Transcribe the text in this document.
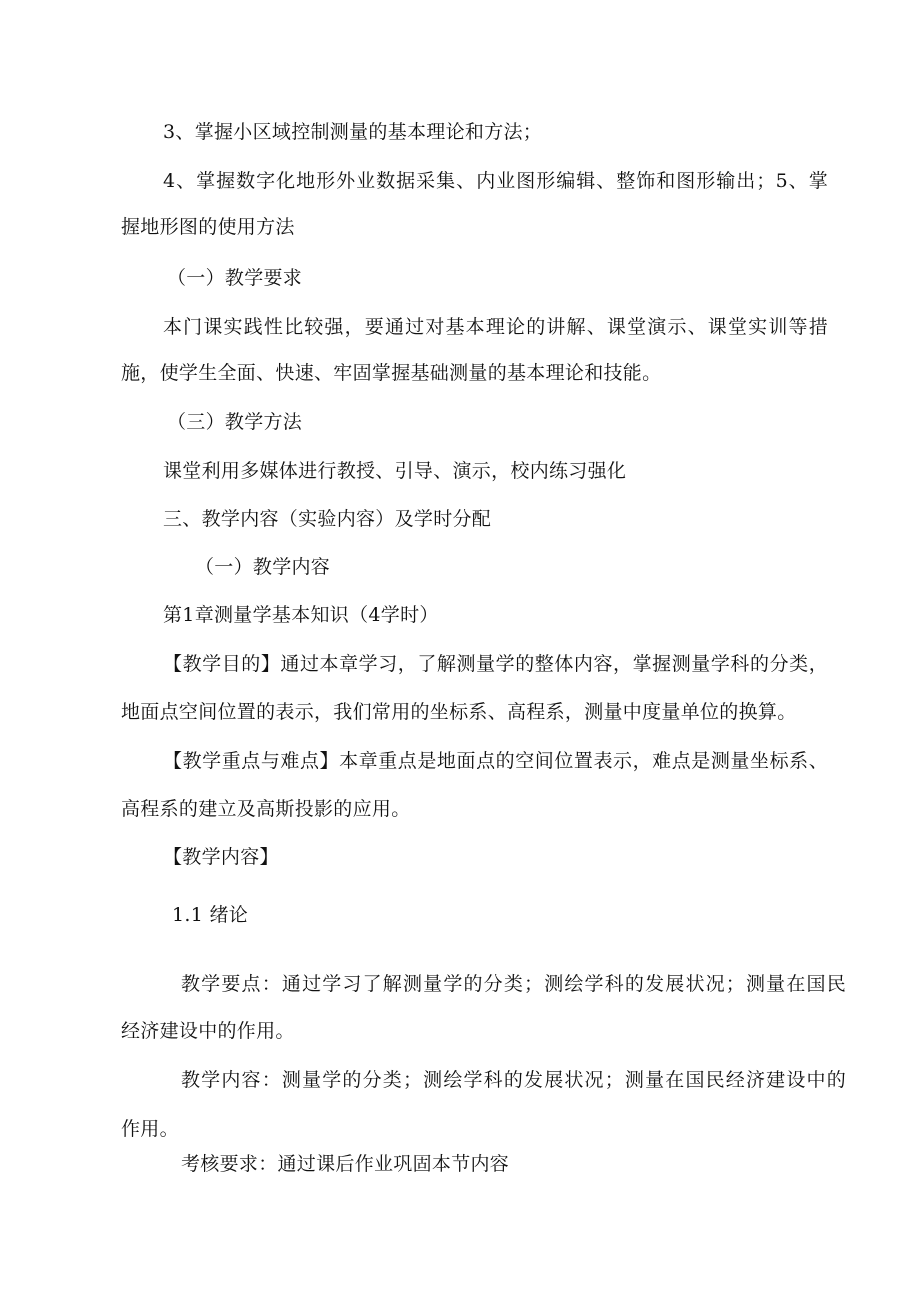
3、掌握小区域控制测量的基本理论和方法；
4、掌握数字化地形外业数据采集、内业图形编辑、整饰和图形输出；5、掌
握地形图的使用方法
（一）教学要求
本门课实践性比较强，要通过对基本理论的讲解、课堂演示、课堂实训等措
施，使学生全面、快速、牢固掌握基础测量的基本理论和技能。
（三）教学方法
课堂利用多媒体进行教授、引导、演示，校内练习强化
三、教学内容（实验内容）及学时分配
（一）教学内容
第1章测量学基本知识（4学时）
【教学目的】通过本章学习，了解测量学的整体内容，掌握测量学科的分类，
地面点空间位置的表示，我们常用的坐标系、高程系，测量中度量单位的换算。
【教学重点与难点】本章重点是地面点的空间位置表示，难点是测量坐标系、
高程系的建立及高斯投影的应用。
【教学内容】
1.1 绪论
教学要点：通过学习了解测量学的分类；测绘学科的发展状况；测量在国民
经济建设中的作用。
教学内容：测量学的分类；测绘学科的发展状况；测量在国民经济建设中的
作用。
考核要求：通过课后作业巩固本节内容
